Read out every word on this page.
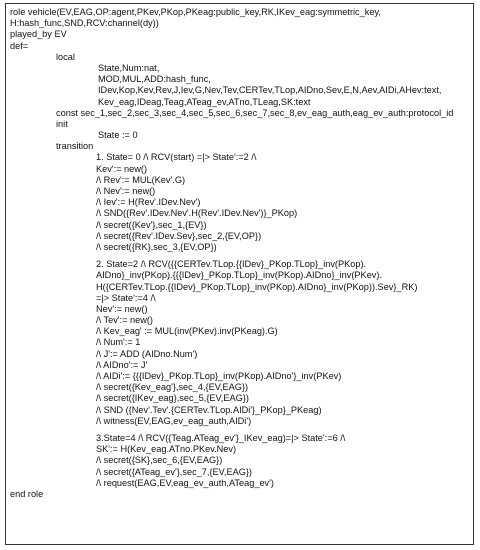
role vehicle(EV,EAG,OP:agent,PKev,PKop,PKeag:public_key,RK,IKev_eag:symmetric_key,
H:hash_func,SND,RCV:channel(dy))
played_by EV
def=
local
State,Num:nat,
MOD,MUL,ADD:hash_func,
IDev,Kop,Kev,Rev,J,Iev,G,Nev,Tev,CERTev,TLop,AIDno,Sev,E,N,Aev,AIDi,AHev:text,
Kev_eag,IDeag,Teag,ATeag_ev,ATno,TLeag,SK:text
const sec_1,sec_2,sec_3,sec_4,sec_5,sec_6,sec_7,sec_8,ev_eag_auth,eag_ev_auth:protocol_id
init
State := 0
transition
1. State= 0 /\ RCV(start) =|> State':=2 /\
Kev':= new()
/\ Rev':= MUL(Kev'.G)
/\ Nev':= new()
/\ Iev':= H(Rev'.IDev.Nev')
/\ SND({Rev'.IDev.Nev'.H(Rev'.IDev.Nev')}_PKop)
/\ secret({Kev'},sec_1,{EV})
/\ secret({Rev'.IDev.Sev},sec_2,{EV,OP})
/\ secret({RK},sec_3,{EV,OP})
2. State=2 /\ RCV({{CERTev.TLop.{{IDev}_PKop.TLop}_inv(PKop).
AIDno}_inv(PKop).{{{IDev}_PKop.TLop}_inv(PKop).AIDno}_inv(PKev).
H({CERTev.TLop.{{IDev}_PKop.TLop}_inv(PKop).AIDno}_inv(PKop)).Sev}_RK)
=|> State':=4 /\
Nev':= new()
/\ Tev':= new()
/\ Kev_eag' := MUL(inv(PKev).inv(PKeag).G)
/\ Num':= 1
/\ J':= ADD (AIDno.Num')
/\ AIDno':= J'
/\ AIDi':= {{{IDev}_PKop.TLop}_inv(PKop).AIDno'}_inv(PKev)
/\ secret({Kev_eag'},sec_4,{EV,EAG})
/\ secret({IKev_eag},sec_5,{EV,EAG})
/\ SND ({Nev'.Tev'.{CERTev.TLop.AIDi'}_PKop}_PKeag)
/\ witness(EV,EAG,ev_eag_auth,AIDi')
3.State=4 /\ RCV({Teag.ATeag_ev'}_IKev_eag)=|> State':=6 /\
SK':= H(Kev_eag.ATno.PKev.Nev)
/\ secret({SK},sec_6,{EV,EAG})
/\ secret({ATeag_ev'},sec_7,{EV,EAG})
/\ request(EAG,EV,eag_ev_auth,ATeag_ev')
end role
